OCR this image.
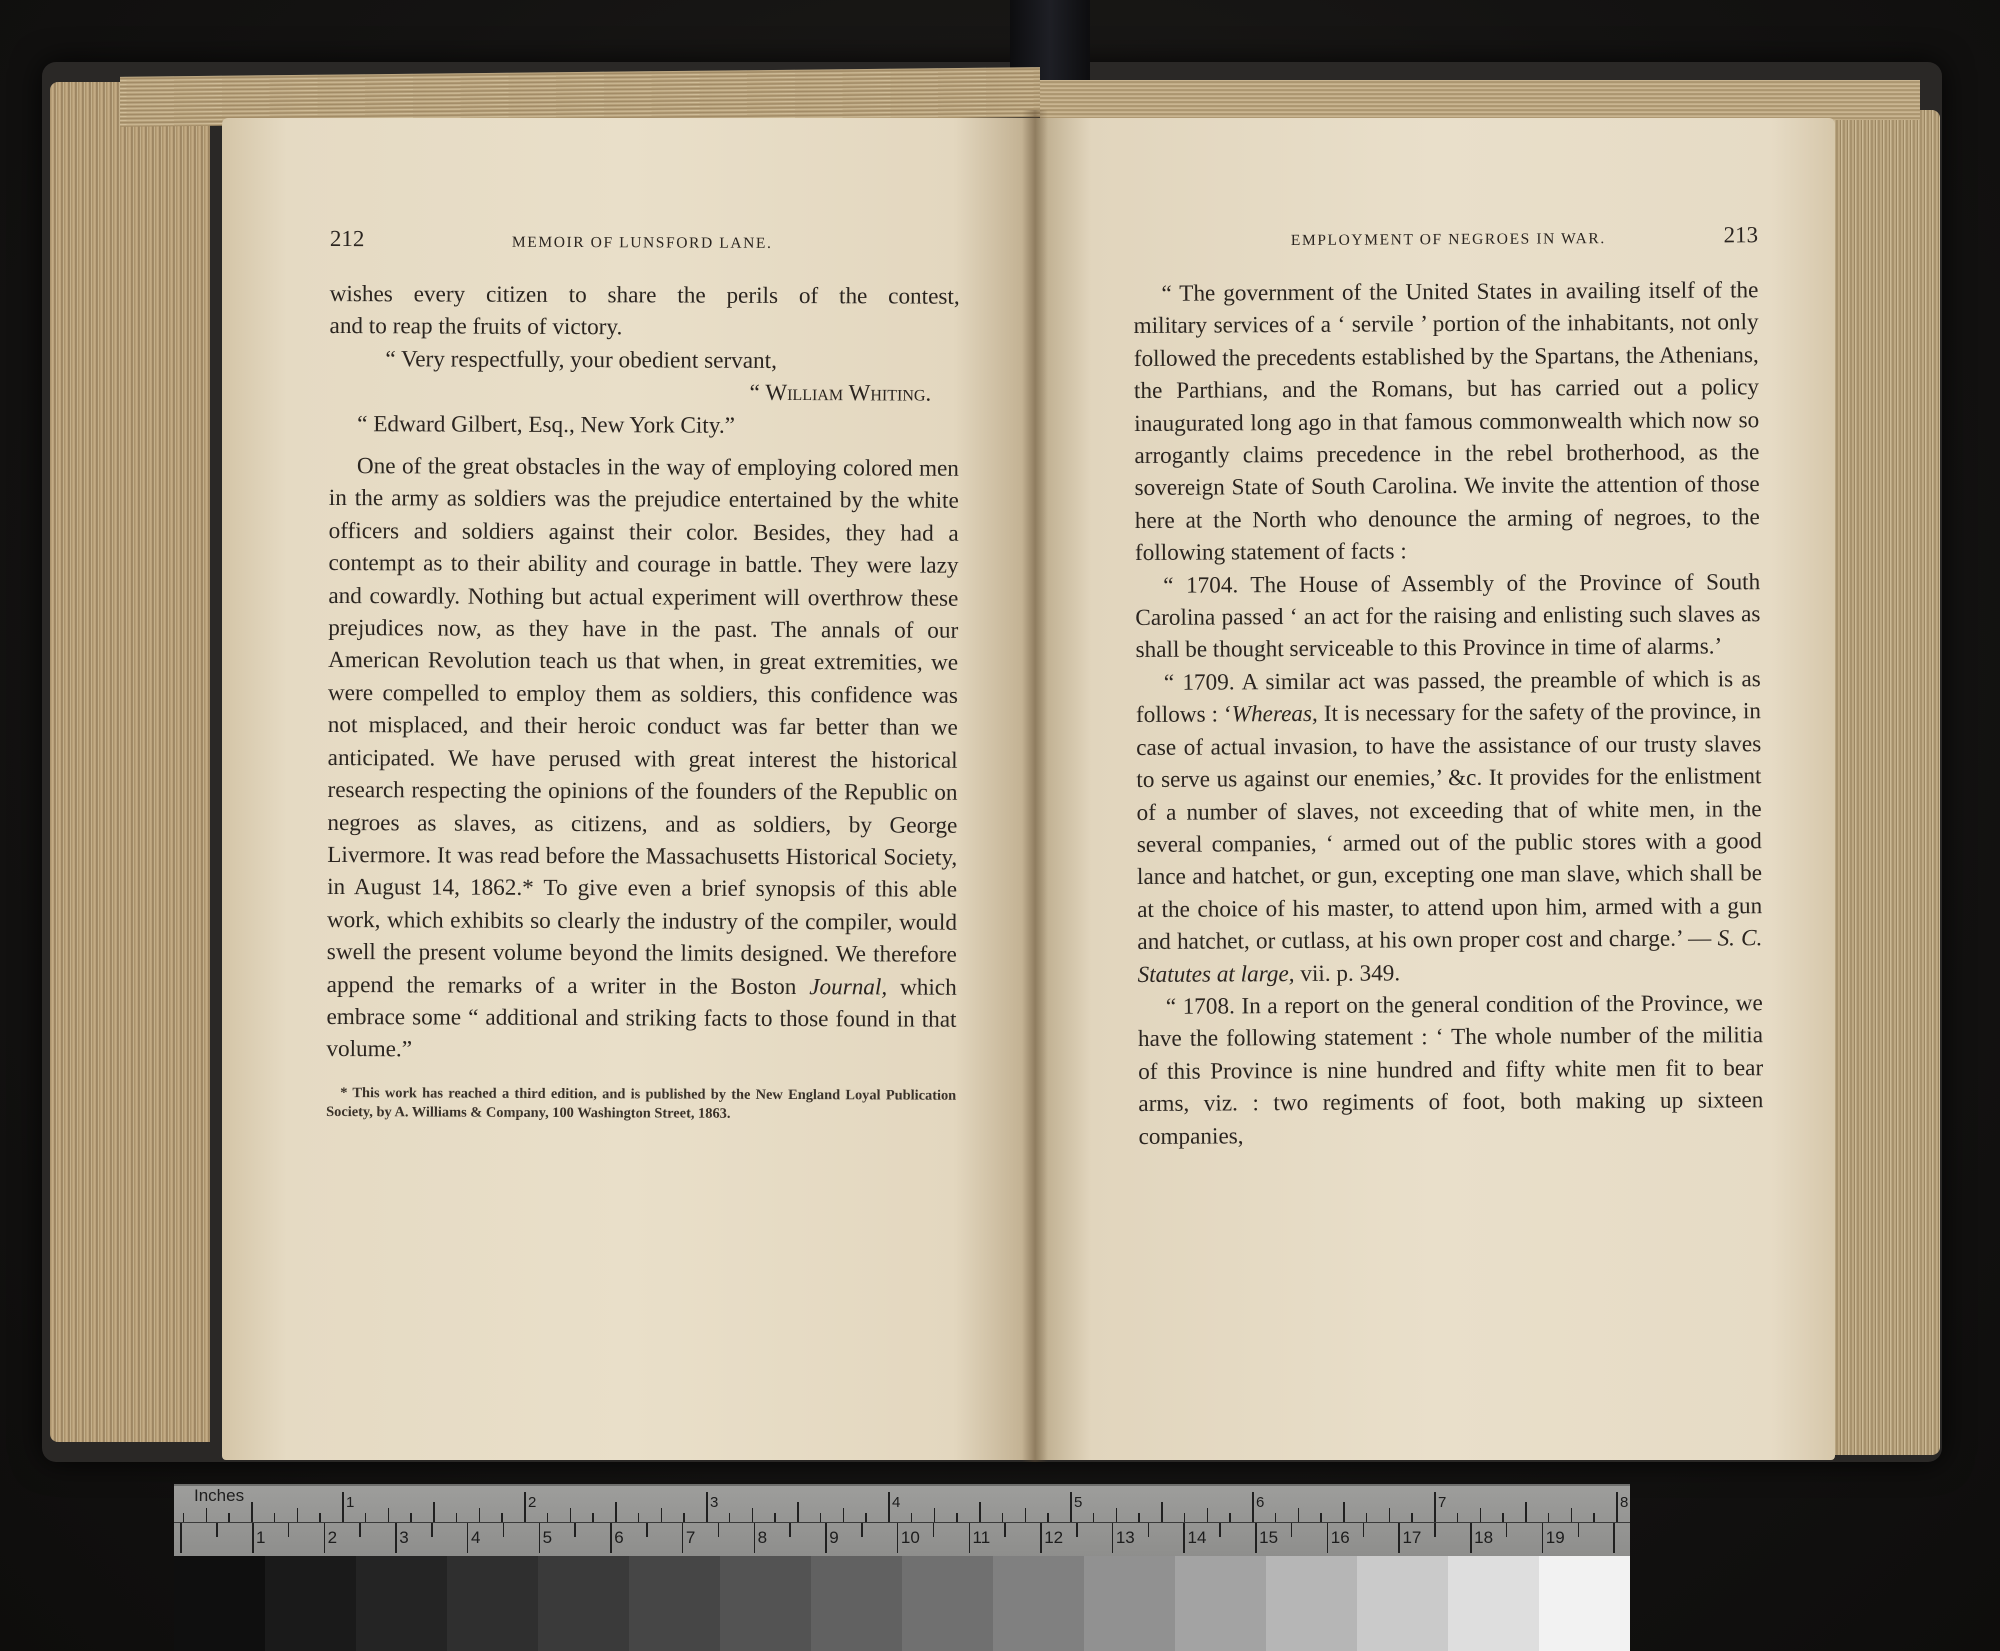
212	MEMOIR OF LUNSFORD LANE.

wishes every citizen to share the perils of the contest,

and to reap the fruits of victory.

“ Very respectfully, your obedient servant,

“ William Whiting.

“ Edward Gilbert, Esq., New York City.”

One of the great obstacles in the way of employing colored men in the army as soldiers was the prejudice entertained by the white officers and soldiers against their color. Besides, they had a contempt as to their ability and courage in battle. They were lazy and cowardly. Nothing but actual experiment will overthrow these prejudices now, as they have in the past. The annals of our American Revolution teach us that when, in great extremities, we were compelled to employ them as soldiers, this confidence was not misplaced, and their heroic conduct was far better than we anticipated. We have perused with great interest the historical research respecting the opinions of the founders of the Republic on negroes as slaves, as citizens, and as soldiers, by George Livermore. It was read before the Massachusetts Historical Society, in August 14, 1862.* To give even a brief synopsis of this able work, which exhibits so clearly the industry of the compiler, would swell the present volume beyond the limits designed. We therefore append the remarks of a writer in the Boston Journal, which embrace some “ additional and striking facts to those found in that volume.”

* This work has reached a third edition, and is published by the New England Loyal Publication Society, by A. Williams & Company, 100 Washington Street, 1863.

EMPLOYMENT OF NEGROES IN WAR.	213

“ The government of the United States in availing itself of the military services of a ‘ servile ’ portion of the inhabitants, not only followed the precedents established by the Spartans, the Athenians, the Parthians, and the Romans, but has carried out a policy inaugurated long ago in that famous commonwealth which now so arrogantly claims precedence in the rebel brotherhood, as the sovereign State of South Carolina. We invite the attention of those here at the North who denounce the arming of negroes, to the following statement of facts :

“ 1704. The House of Assembly of the Province of South Carolina passed ‘ an act for the raising and enlisting such slaves as shall be thought serviceable to this Province in time of alarms.’

“ 1709. A similar act was passed, the preamble of which is as follows : ‘Whereas, It is necessary for the safety of the province, in case of actual invasion, to have the assistance of our trusty slaves to serve us against our enemies,’ &c. It provides for the enlistment of a number of slaves, not exceeding that of white men, in the several companies, ‘ armed out of the public stores with a good lance and hatchet, or gun, excepting one man slave, which shall be at the choice of his master, to attend upon him, armed with a gun and hatchet, or cutlass, at his own proper cost and charge.’ — S. C. Statutes at large, vii. p. 349.

“ 1708. In a report on the general condition of the Province, we have the following statement : ‘ The whole number of the militia of this Province is nine hundred and fifty white men fit to bear arms, viz. : two regiments of foot, both making up sixteen companies,

Inches	1	2	3	4	5	6	7	8
1	2	3	4	5	6	7	8	9	10	11	12	13	14	15	16	17	18	19
